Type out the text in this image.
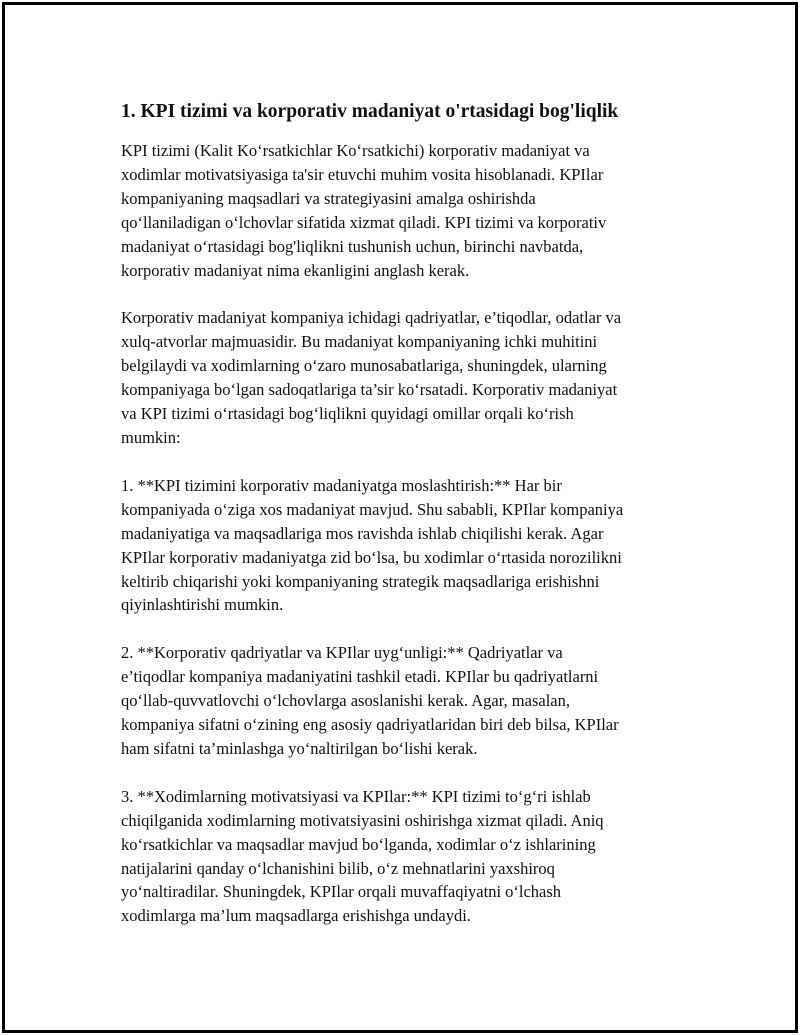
1. KPI tizimi va korporativ madaniyat o'rtasidagi bog'liqlik

KPI tizimi (Kalit Koʻrsatkichlar Koʻrsatkichi) korporativ madaniyat va
xodimlar motivatsiyasiga ta'sir etuvchi muhim vosita hisoblanadi. KPIlar
kompaniyaning maqsadlari va strategiyasini amalga oshirishda
qoʻllaniladigan oʻlchovlar sifatida xizmat qiladi. KPI tizimi va korporativ
madaniyat oʻrtasidagi bog'liqlikni tushunish uchun, birinchi navbatda,
korporativ madaniyat nima ekanligini anglash kerak.

Korporativ madaniyat kompaniya ichidagi qadriyatlar, e’tiqodlar, odatlar va
xulq-atvorlar majmuasidir. Bu madaniyat kompaniyaning ichki muhitini
belgilaydi va xodimlarning oʻzaro munosabatlariga, shuningdek, ularning
kompaniyaga boʻlgan sadoqatlariga ta’sir koʻrsatadi. Korporativ madaniyat
va KPI tizimi oʻrtasidagi bogʻliqlikni quyidagi omillar orqali koʻrish
mumkin:

1. **KPI tizimini korporativ madaniyatga moslashtirish:** Har bir
kompaniyada oʻziga xos madaniyat mavjud. Shu sababli, KPIlar kompaniya
madaniyatiga va maqsadlariga mos ravishda ishlab chiqilishi kerak. Agar
KPIlar korporativ madaniyatga zid boʻlsa, bu xodimlar oʻrtasida norozilikni
keltirib chiqarishi yoki kompaniyaning strategik maqsadlariga erishishni
qiyinlashtirishi mumkin.

2. **Korporativ qadriyatlar va KPIlar uygʻunligi:** Qadriyatlar va
e’tiqodlar kompaniya madaniyatini tashkil etadi. KPIlar bu qadriyatlarni
qoʻllab-quvvatlovchi oʻlchovlarga asoslanishi kerak. Agar, masalan,
kompaniya sifatni oʻzining eng asosiy qadriyatlaridan biri deb bilsa, KPIlar
ham sifatni ta’minlashga yoʻnaltirilgan boʻlishi kerak.

3. **Xodimlarning motivatsiyasi va KPIlar:** KPI tizimi toʻgʻri ishlab
chiqilganida xodimlarning motivatsiyasini oshirishga xizmat qiladi. Aniq
koʻrsatkichlar va maqsadlar mavjud boʻlganda, xodimlar oʻz ishlarining
natijalarini qanday oʻlchanishini bilib, oʻz mehnatlarini yaxshiroq
yoʻnaltiradilar. Shuningdek, KPIlar orqali muvaffaqiyatni oʻlchash
xodimlarga ma’lum maqsadlarga erishishga undaydi.
